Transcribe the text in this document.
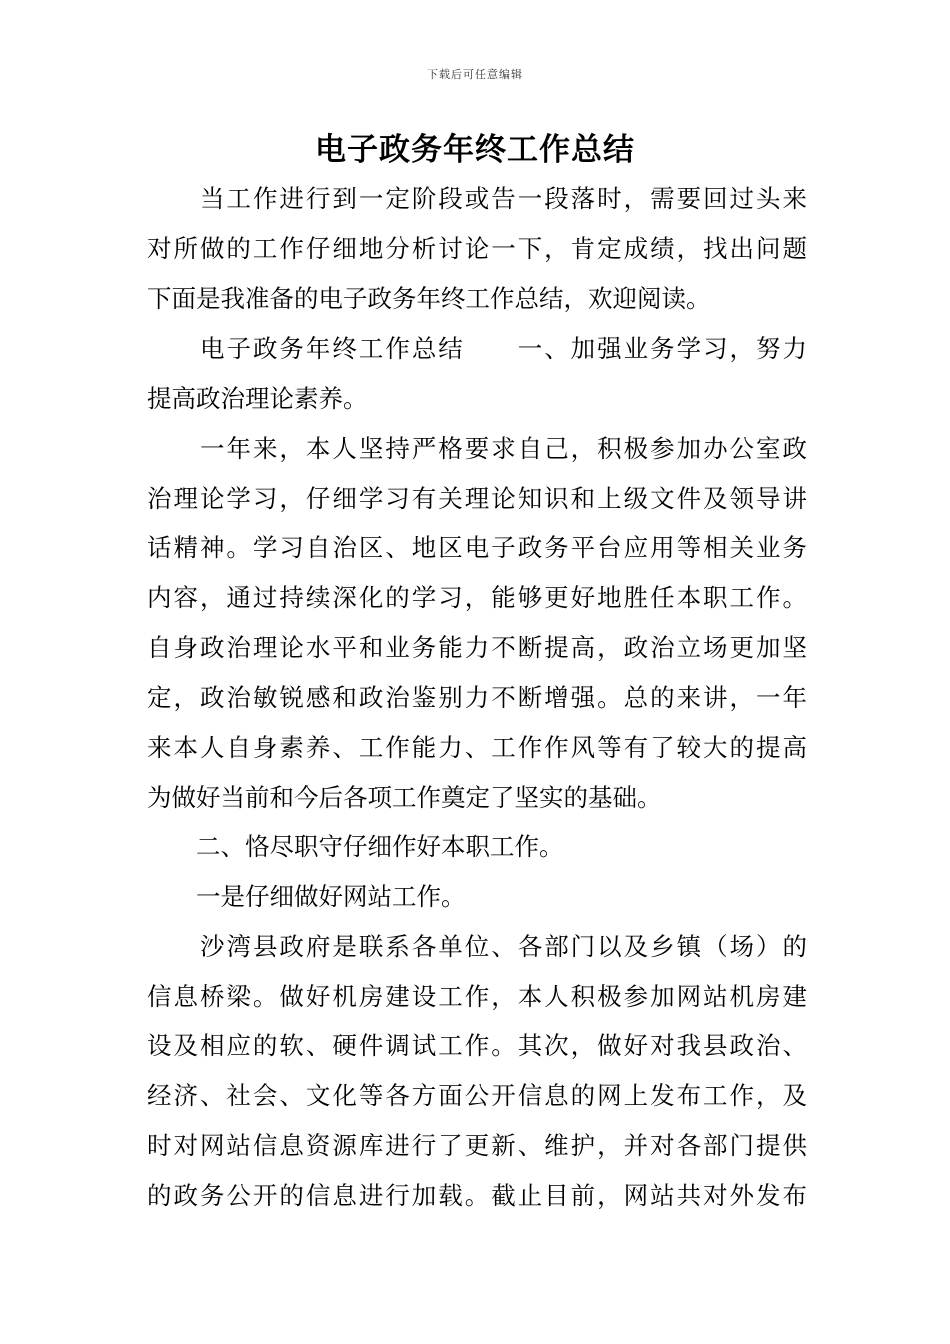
下载后可任意编辑
电子政务年终工作总结
当工作进行到一定阶段或告一段落时，需要回过头来
对所做的工作仔细地分析讨论一下，肯定成绩，找出问题
下面是我准备的电子政务年终工作总结，欢迎阅读。
电子政务年终工作总结　　一、加强业务学习，努力
提高政治理论素养。
一年来，本人坚持严格要求自己，积极参加办公室政
治理论学习，仔细学习有关理论知识和上级文件及领导讲
话精神。学习自治区、地区电子政务平台应用等相关业务
内容，通过持续深化的学习，能够更好地胜任本职工作。
自身政治理论水平和业务能力不断提高，政治立场更加坚
定，政治敏锐感和政治鉴别力不断增强。总的来讲，一年
来本人自身素养、工作能力、工作作风等有了较大的提高
为做好当前和今后各项工作奠定了坚实的基础。
二、恪尽职守仔细作好本职工作。
一是仔细做好网站工作。
沙湾县政府是联系各单位、各部门以及乡镇（场）的
信息桥梁。做好机房建设工作，本人积极参加网站机房建
设及相应的软、硬件调试工作。其次，做好对我县政治、
经济、社会、文化等各方面公开信息的网上发布工作，及
时对网站信息资源库进行了更新、维护，并对各部门提供
的政务公开的信息进行加载。截止目前，网站共对外发布
